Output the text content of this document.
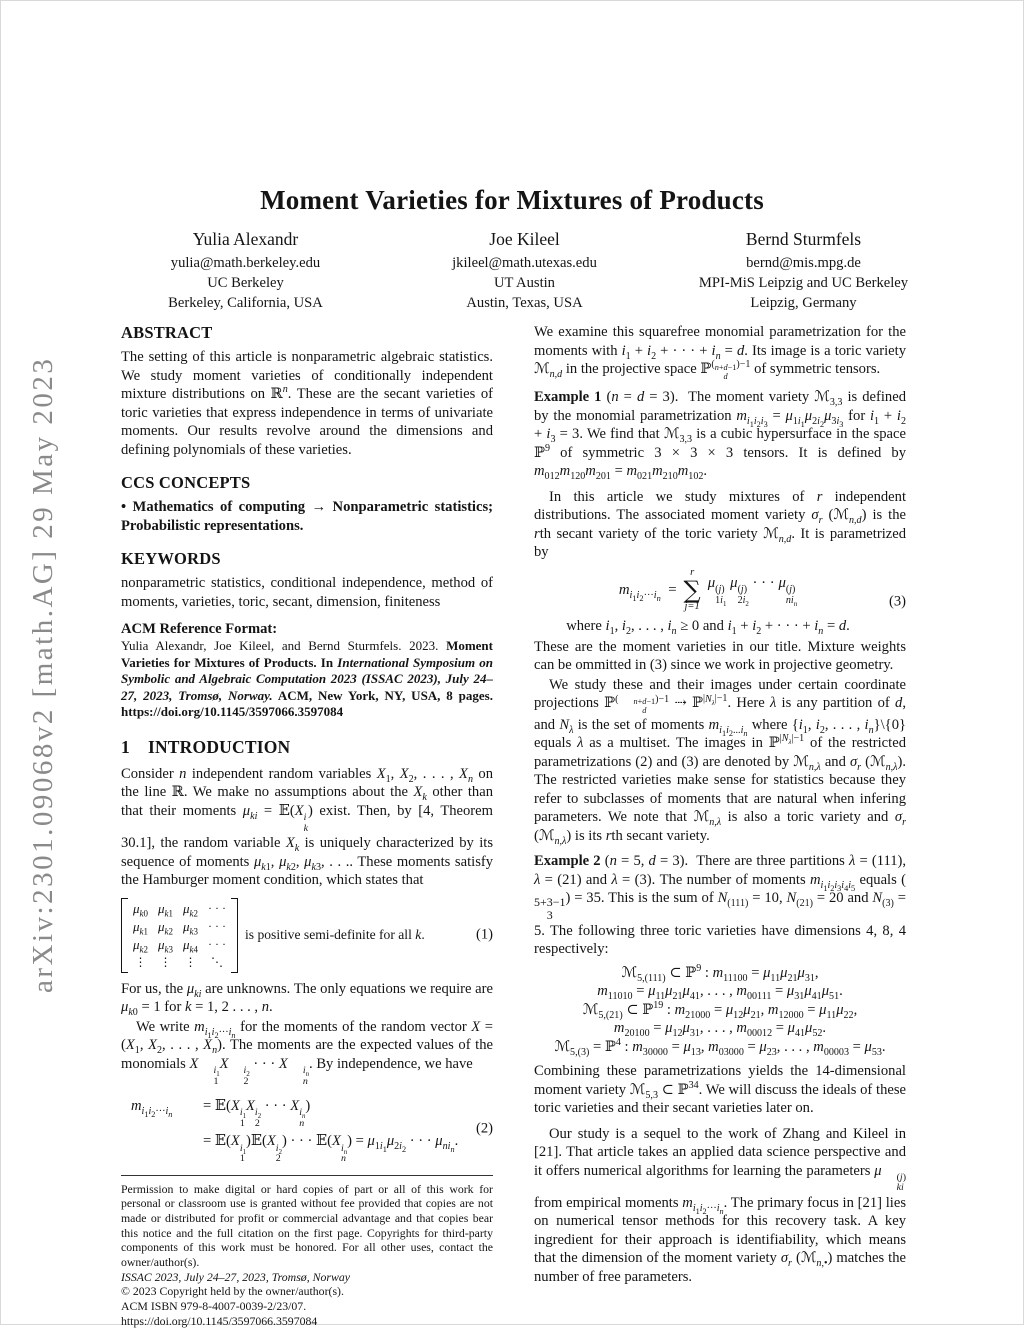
arXiv:2301.09068v2 [math.AG] 29 May 2023
Moment Varieties for Mixtures of Products
Yulia Alexandr
yulia@math.berkeley.edu
UC Berkeley
Berkeley, California, USA
Joe Kileel
jkileel@math.utexas.edu
UT Austin
Austin, Texas, USA
Bernd Sturmfels
bernd@mis.mpg.de
MPI-MiS Leipzig and UC Berkeley
Leipzig, Germany
ABSTRACT

The setting of this article is nonparametric algebraic statistics. We study moment varieties of conditionally independent mixture distributions on ℝ$^n$. These are the secant varieties of toric varieties that express independence in terms of univariate moments. Our results revolve around the dimensions and defining polynomials of these varieties.

CCS CONCEPTS

• Mathematics of computing → Nonparametric statistics; Probabilistic representations.

KEYWORDS

nonparametric statistics, conditional independence, method of moments, varieties, toric, secant, dimension, finiteness

ACM Reference Format:

Yulia Alexandr, Joe Kileel, and Bernd Sturmfels. 2023. Moment Varieties for Mixtures of Products. In International Symposium on Symbolic and Algebraic Computation 2023 (ISSAC 2023), July 24–27, 2023, Tromsø, Norway. ACM, New York, NY, USA, 8 pages. https://doi.org/10.1145/3597066.3597084

1 INTRODUCTION

Consider n independent random variables $X_1$, $X_2$, . . . , $X_n$ on the line ℝ. We make no assumptions about the $X_k$ other than that their moments $\mu_{ki}$ = 𝔼(X i
k
) exist. Then, by [4, Theorem 30.1], the random variable $X_k$ is uniquely characterized by its sequence of moments $\mu_{k1}$, $\mu_{k2}$, $\mu_{k3}$, . . .. These moments satisfy the Hamburger moment condition, which states that

$\mu_{k0}$ $\mu_{k1}$ $\mu_{k2}$ · · ·
$\mu_{k1}$ $\mu_{k2}$ $\mu_{k3}$ · · ·
$\mu_{k2}$ $\mu_{k3}$ $\mu_{k4}$ · · ·
⋮ ⋮ ⋮ ⋱
is positive semi-definite for all k.	(1)

For us, the $\mu_{ki}$ are unknowns. The only equations we require are $\mu_{k0} = 1$ for k = 1, 2 . . . , n.

We write $m_{i_1i_2\cdot\cdot\cdot i_n}$ for the moments of the random vector $X = (X_1$, $X_2$, . . . , $X_n$). The moments are the expected values of the monomials X	$i_1$
1
X	$i_2$
2
· · · X	$i_n$
n
. By independence, we have

$m_{i_1i_2\cdot\cdot\cdot i_n}$
= 𝔼(X $i_1$
1
X $i_2$
2
· · · X $i_n$
n
)
= 𝔼(X $i_1$
1
)𝔼(X $i_2$
2
) · · · 𝔼(X $i_n$
n
) = $\mu_{1i_1}\mu_{2i_2}$ · · · $\mu_{ni_n}$.
(2)

Permission to make digital or hard copies of part or all of this work for personal or classroom use is granted without fee provided that copies are not made or distributed for profit or commercial advantage and that copies bear this notice and the full citation on the first page. Copyrights for third-party components of this work must be honored. For all other uses, contact the owner/author(s).

ISSAC 2023, July 24–27, 2023, Tromsø, Norway

© 2023 Copyright held by the owner/author(s).

ACM ISBN 979-8-4007-0039-2/23/07.

https://doi.org/10.1145/3597066.3597084

We examine this squarefree monomial parametrization for the moments with $i_1 + i_2$ + · · · + $i_n = d$. Its image is a toric variety ℳ$_{n,d}$ in the projective space ℙ$^{( n+d-1 d )-1}$ of symmetric tensors.

Example 1 (n = d = 3).  The moment variety ℳ$_{3,3}$ is defined by the monomial parametrization $m_{i_1i_2i_3} = \mu_{1i_1}\mu_{2i_2}\mu_{3i_3}$ for $i_1 + i_2 + i_3 = 3$. We find that ℳ$_{3,3}$ is a cubic hypersurface in the space ℙ$^9$ of symmetric 3 × 3 × 3 tensors. It is defined by $m_{012}m_{120}m_{201} = m_{021}m_{210}m_{102}$.

In this article we study mixtures of r independent distributions. The associated moment variety $\sigma_r$ (ℳ$_{n,d}$) is the rth secant variety of the toric variety ℳ$_{n,d}$. It is parametrized by

$m_{i_1i_2\cdot\cdot\cdot i_n}$  =
r
∑
j=1
μ (j)
$1i_1$
μ (j)
$2i_2$
· · · μ (j)
$ni_n$
where $i_1$, $i_2$, . . . , $i_n \ge 0$ and $i_1 + i_2$ + · · · + $i_n = d$.
(3)

These are the moment varieties in our title. Mixture weights can be ommitted in (3) since we work in projective geometry.

We study these and their images under certain coordinate projections ℙ$^{( n+d-1 d )-1}$ ⇢ ℙ$^{|N_\lambda|-1}$. Here λ is any partition of d, and $N_\lambda$ is the set of moments $m_{i_1i_2...i_n}$ where {$i_1$, $i_2$, . . . , $i_n\}\backslash\{0\}$ equals λ as a multiset. The images in ℙ$^{|N_\lambda|-1}$ of the restricted parametrizations (2) and (3) are denoted by ℳ$_{n,\lambda}$ and $\sigma_r$ (ℳ$_{n,\lambda}$). The restricted varieties make sense for statistics because they refer to subclasses of moments that are natural when infering parameters. We note that ℳ$_{n,\lambda}$ is also a toric variety and $\sigma_r$ (ℳ$_{n,\lambda}$) is its rth secant variety.

Example 2 (n = 5, d = 3).  There are three partitions λ = (111), λ = (21) and λ = (3). The number of moments $m_{i_1i_2i_3i_4i_5}$ equals (
5+3−1
3
) = 35. This is the sum of $N_{(111)} = 10$, $N_{(21)} = 20$ and $N_{(3)} = 5$. The following three toric varieties have dimensions 4, 8, 4 respectively:

ℳ$_{5,(111)}$ ⊂ ℙ$^9$ : $m_{11100} = \mu_{11}\mu_{21}\mu_{31}$,

$m_{11010} = \mu_{11}\mu_{21}\mu_{41}$, . . . , $m_{00111} = \mu_{31}\mu_{41}\mu_{51}$.

ℳ$_{5,(21)}$ ⊂ ℙ$^{19}$ : $m_{21000} = \mu_{12}\mu_{21}$, $m_{12000} = \mu_{11}\mu_{22}$,

$m_{20100} = \mu_{12}\mu_{31}$, . . . , $m_{00012} = \mu_{41}\mu_{52}$.

ℳ$_{5,(3)}$ = ℙ$^4$ : $m_{30000} = \mu_{13}$, $m_{03000} = \mu_{23}$, . . . , $m_{00003} = \mu_{53}$.

Combining these parametrizations yields the 14-dimensional moment variety ℳ$_{5,3}$ ⊂ ℙ$^{34}$. We will discuss the ideals of these toric varieties and their secant varieties later on.

Our study is a sequel to the work of Zhang and Kileel in [21]. That article takes an applied data science perspective and it offers numerical algorithms for learning the parameters μ	(j)
ki
from empirical moments $m_{i_1i_2\cdot\cdot\cdot i_n}$. The primary focus in [21] lies on numerical tensor methods for this recovery task. A key ingredient for their approach is identifiability, which means that the dimension of the moment variety $\sigma_r$ (ℳ$_{n,•}$) matches the number of free parameters.
